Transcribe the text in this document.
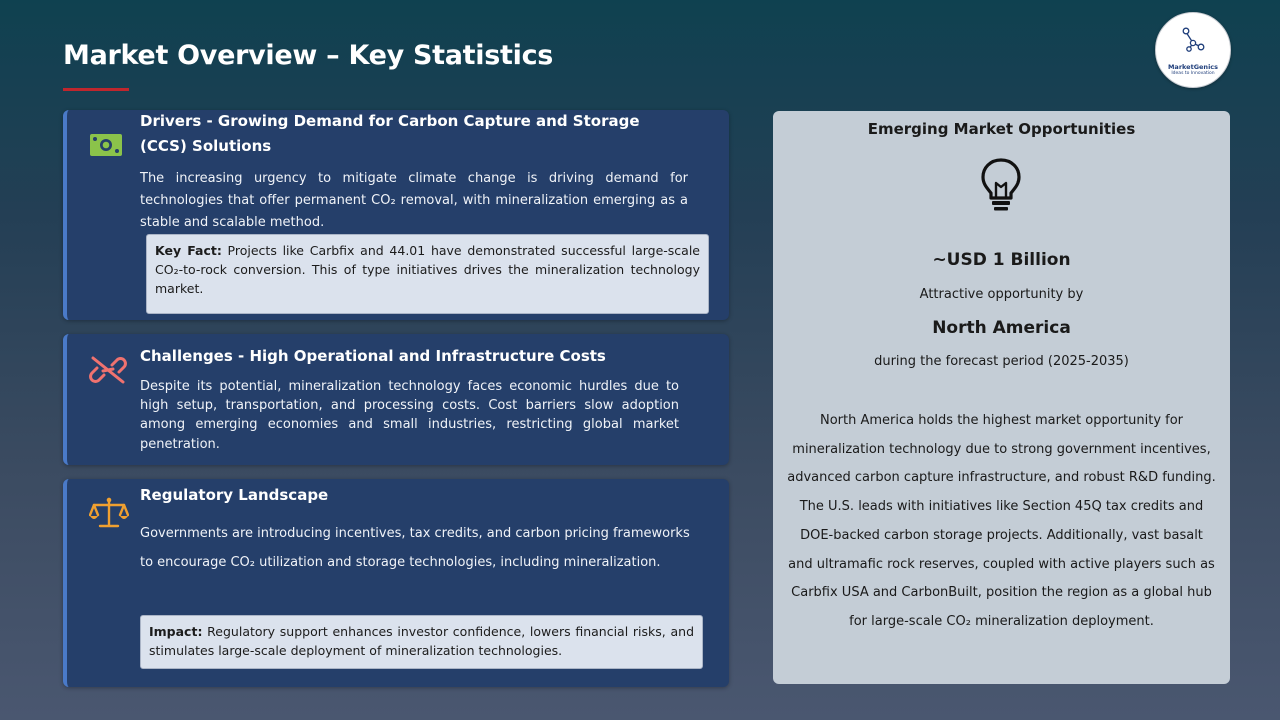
Market Overview – Key Statistics	MarketGenics
Ideas to Innovation
Drivers - Growing Demand for Carbon Capture and Storage (CCS) Solutions

The increasing urgency to mitigate climate change is driving demand for technologies that offer permanent CO₂ removal, with mineralization emerging as a stable and scalable method.

Key Fact: Projects like Carbfix and 44.01 have demonstrated successful large-scale CO₂-to-rock conversion. This of type initiatives drives the mineralization technology market.
Challenges - High Operational and Infrastructure Costs

Despite its potential, mineralization technology faces economic hurdles due to high setup, transportation, and processing costs. Cost barriers slow adoption among emerging economies and small industries, restricting global market penetration.

Regulatory Landscape

Governments are introducing incentives, tax credits, and carbon pricing frameworks to encourage CO₂ utilization and storage technologies, including mineralization.

Impact: Regulatory support enhances investor confidence, lowers financial risks, and stimulates large-scale deployment of mineralization technologies.
Emerging Market Opportunities
~USD 1 Billion
Attractive opportunity by
North America
during the forecast period (2025-2035)

North America holds the highest market opportunity for mineralization technology due to strong government incentives, advanced carbon capture infrastructure, and robust R&D funding. The U.S. leads with initiatives like Section 45Q tax credits and DOE-backed carbon storage projects. Additionally, vast basalt and ultramafic rock reserves, coupled with active players such as Carbfix USA and CarbonBuilt, position the region as a global hub for large-scale CO₂ mineralization deployment.
